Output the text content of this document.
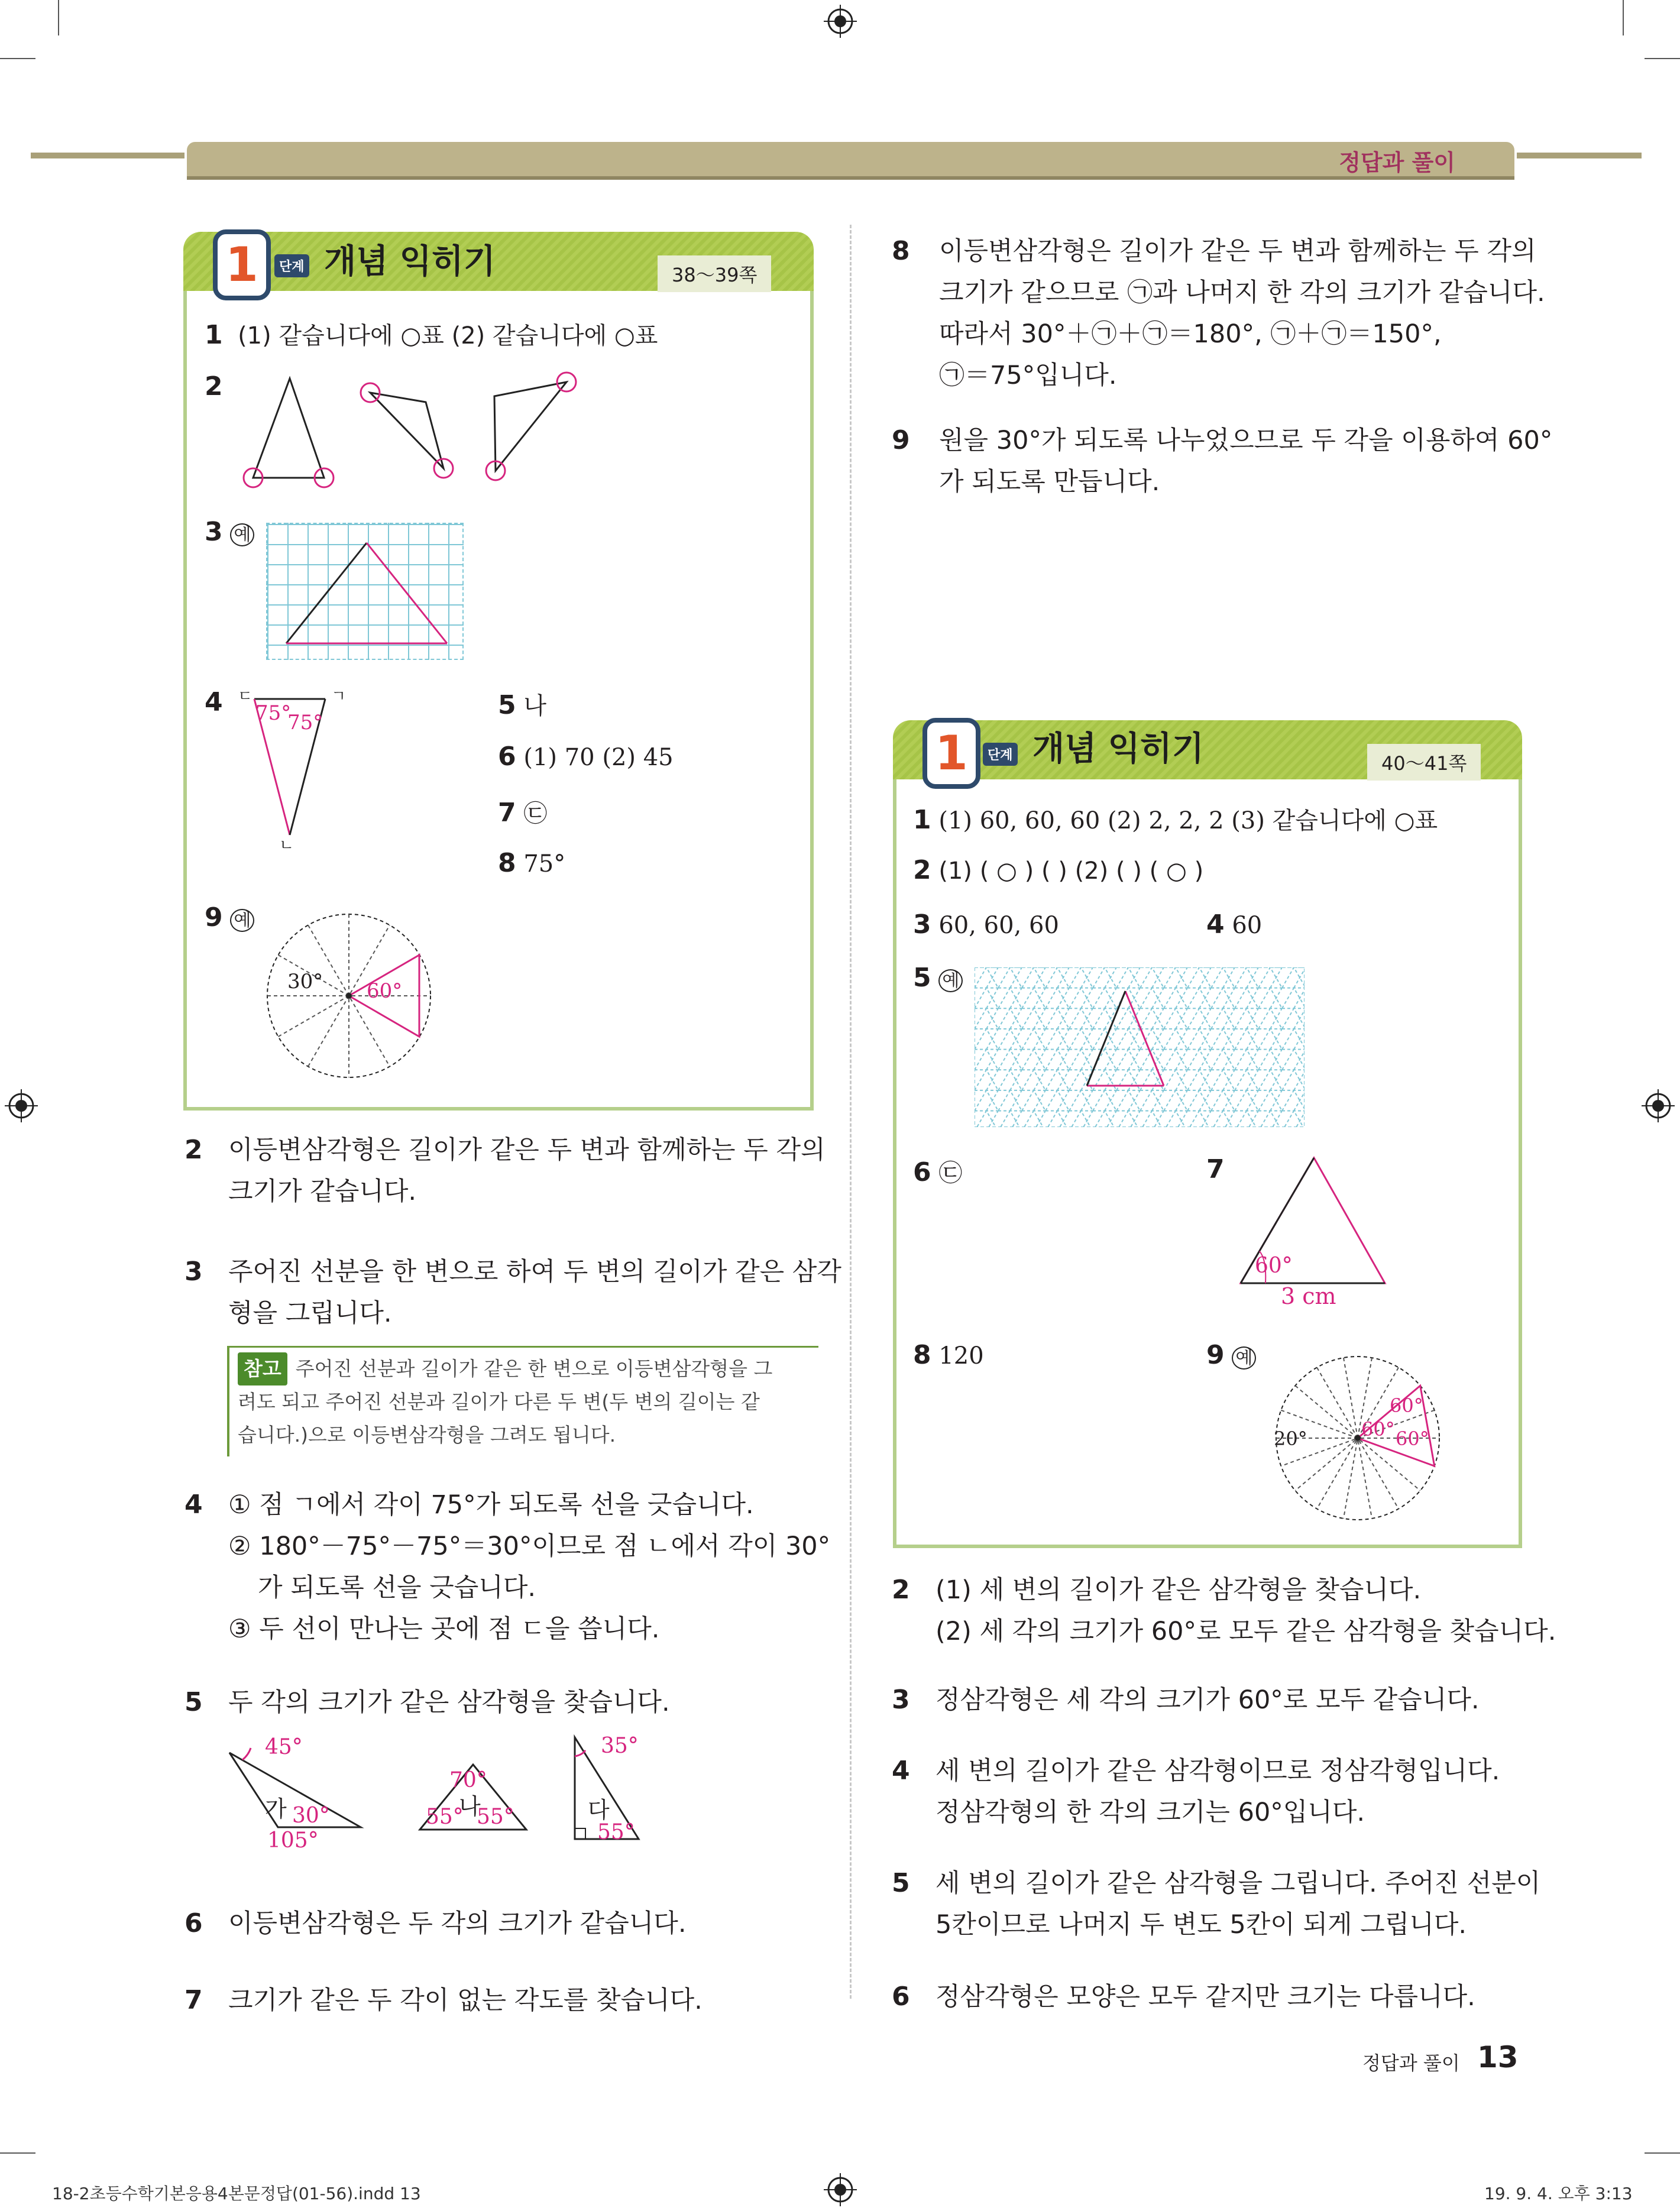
정답과 풀이
1	단계 개념 익히기	38～39쪽
1 (1) 같습니다에 ○표 (2) 같습니다에 ○표
2
3 예
4 ㄷ	ㄱ
ㄴ
75°
75°
5 나
6 (1) 70 (2) 45
7 ㉢
8 75°
9 예
30° 60°
2 이등변삼각형은 길이가 같은 두 변과 함께하는 두 각의
크기가 같습니다.
3 주어진 선분을 한 변으로 하여 두 변의 길이가 같은 삼각
형을 그립니다.
참고 주어진 선분과 길이가 같은 한 변으로 이등변삼각형을 그
려도 되고 주어진 선분과 길이가 다른 두 변(두 변의 길이는 같
습니다.)으로 이등변삼각형을 그려도 됩니다.
4 ① 점 ㄱ에서 각이 75°가 되도록 선을 긋습니다.
② 180°－75°－75°＝30°이므로 점 ㄴ에서 각이 30°
가 되도록 선을 긋습니다.
③ 두 선이 만나는 곳에 점 ㄷ을 씁니다.
5 두 각의 크기가 같은 삼각형을 찾습니다.
45°
가 30°
105°
70°
나
55° 55°
35°
다
55°
6 이등변삼각형은 두 각의 크기가 같습니다.
7 크기가 같은 두 각이 없는 각도를 찾습니다.
8 이등변삼각형은 길이가 같은 두 변과 함께하는 두 각의
크기가 같으므로 ㉠과 나머지 한 각의 크기가 같습니다.
따라서 30°＋㉠＋㉠＝180°, ㉠＋㉠＝150°,
㉠＝75°입니다.
9 원을 30°가 되도록 나누었으므로 두 각을 이용하여 60°
가 되도록 만듭니다.
1	단계 개념 익히기	40～41쪽
1 (1) 60, 60, 60 (2) 2, 2, 2 (3) 같습니다에 ○표
2 (1) ( ○ ) ( ) (2) ( ) ( ○ )
3 60, 60, 60	4 60
5 예
6 ㉢	7
60°
3 cm
8 120	9 예
20°
60°
60° 60°
2 (1) 세 변의 길이가 같은 삼각형을 찾습니다.
(2) 세 각의 크기가 60°로 모두 같은 삼각형을 찾습니다.
3 정삼각형은 세 각의 크기가 60°로 모두 같습니다.
4 세 변의 길이가 같은 삼각형이므로 정삼각형입니다.
정삼각형의 한 각의 크기는 60°입니다.
5 세 변의 길이가 같은 삼각형을 그립니다. 주어진 선분이
5칸이므로 나머지 두 변도 5칸이 되게 그립니다.
6 정삼각형은 모양은 모두 같지만 크기는 다릅니다.
정답과 풀이 13
18-2초등수학기본응용4본문정답(01-56).indd 13	19. 9. 4. 오후 3:13
